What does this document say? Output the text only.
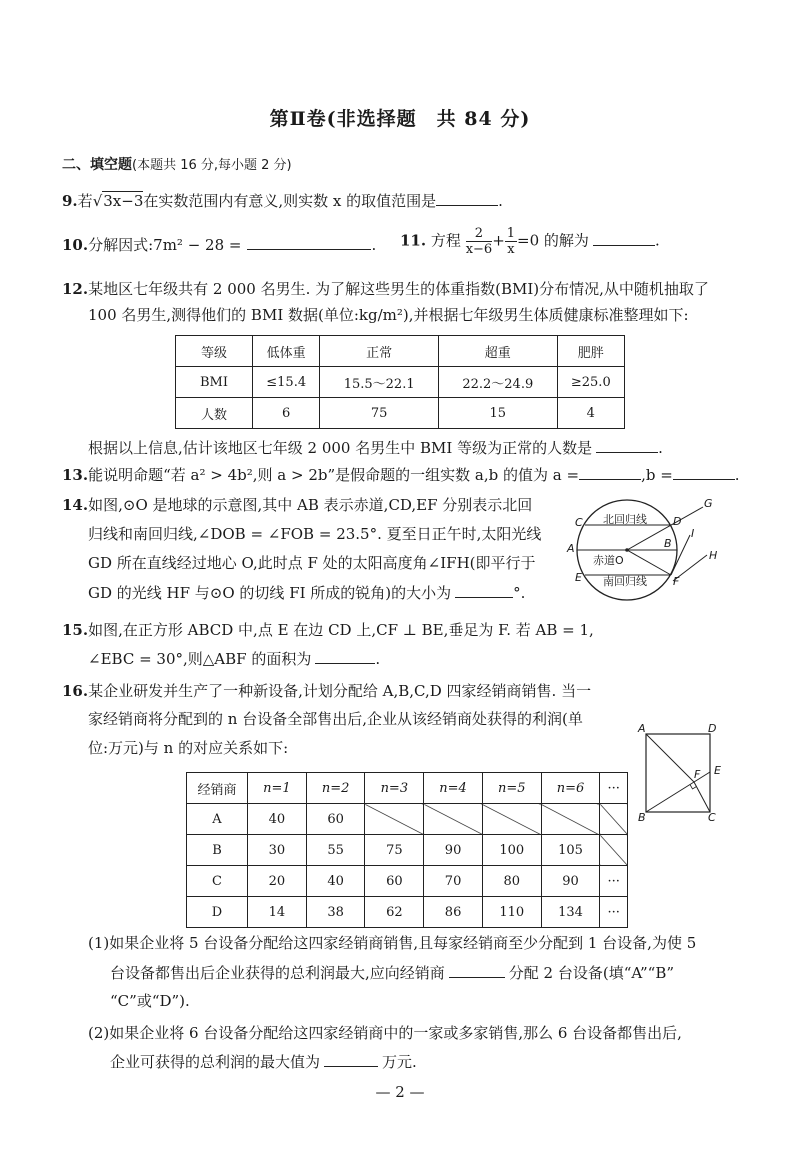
第Ⅱ卷(非选择题　共 84 分)
二、填空题(本题共 16 分,每小题 2 分)
9.若√3x−3在实数范围内有意义,则实数 x 的取值范围是	.
10.分解因式:7m² − 28 =	. 11. 方程 $\frac{2}{x-6} + \frac{1}{x} =0$ 的解为	.
12.某地区七年级共有 2 000 名男生. 为了解这些男生的体重指数(BMI)分布情况,从中随机抽取了
100 名男生,测得他们的 BMI 数据(单位:kg/m²),并根据七年级男生体质健康标准整理如下:
等级	低体重	正常	超重	肥胖
BMI	≤15.4	15.5～22.1	22.2～24.9	≥25.0
人数	6	75	15	4
根据以上信息,估计该地区七年级 2 000 名男生中 BMI 等级为正常的人数是	.
13.能说明命题“若 a² > 4b²,则 a > 2b”是假命题的一组实数 a,b 的值为 a =	,b =	.
14.如图,⊙O 是地球的示意图,其中 AB 表示赤道,CD,EF 分别表示北回
归线和南回归线,∠DOB = ∠FOB = 23.5°. 夏至日正午时,太阳光线
GD 所在直线经过地心 O,此时点 F 处的太阳高度角∠IFH(即平行于
GD 的光线 HF 与⊙O 的切线 FI 所成的锐角)的大小为	°.
北回归线
赤道O
南回归线
G
D
C
A	B
I
H
E	F
15.如图,在正方形 ABCD 中,点 E 在边 CD 上,CF ⊥ BE,垂足为 F. 若 AB = 1,
∠EBC = 30°,则△ABF 的面积为	.
A	D
F E
B	C
16.某企业研发并生产了一种新设备,计划分配给 A,B,C,D 四家经销商销售. 当一
家经销商将分配到的 n 台设备全部售出后,企业从该经销商处获得的利润(单
位:万元)与 n 的对应关系如下:
经销商	n=1	n=2	n=3	n=4	n=5	n=6	···
A	40	60					
B	30	55	75	90	100	105	
C	20	40	60	70	80	90	···
D	14	38	62	86	110	134	···
(1)如果企业将 5 台设备分配给这四家经销商销售,且每家经销商至少分配到 1 台设备,为使 5
台设备都售出后企业获得的总利润最大,应向经销商	分配 2 台设备(填“A”“B”
“C”或“D”).
(2)如果企业将 6 台设备分配给这四家经销商中的一家或多家销售,那么 6 台设备都售出后,
企业可获得的总利润的最大值为	万元.
— 2 —
